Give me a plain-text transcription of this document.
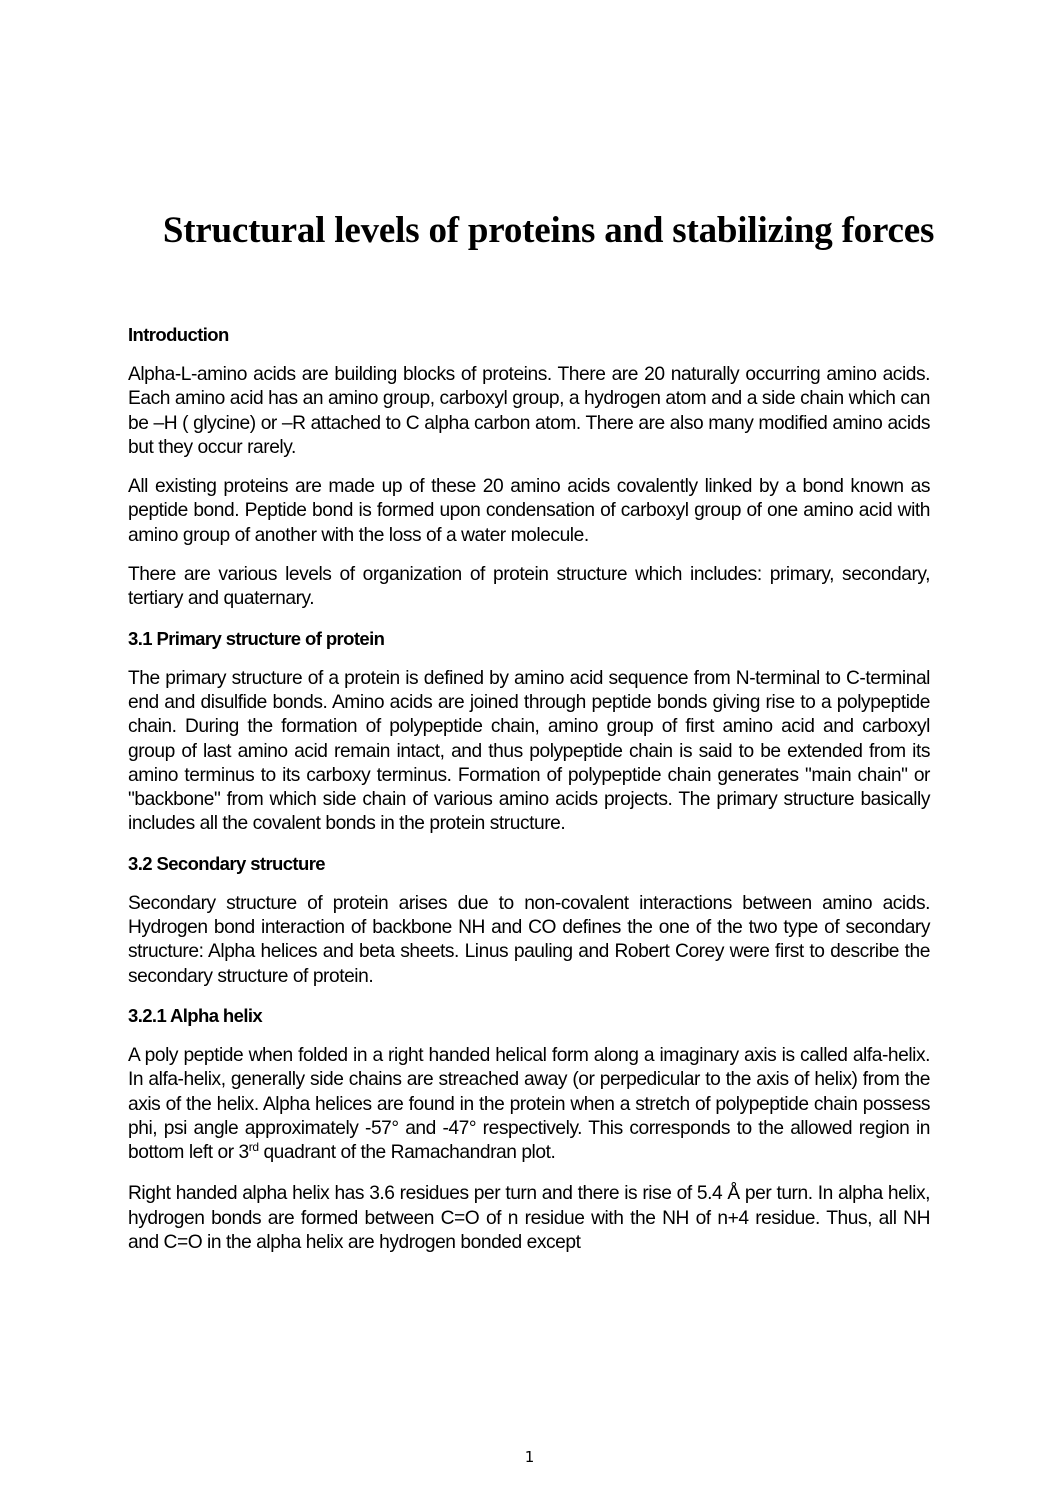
Structural levels of proteins and stabilizing forces
Introduction

Alpha-L-amino acids are building blocks of proteins. There are 20 naturally occurring amino acids. Each amino acid has an amino group, carboxyl group, a hydrogen atom and a side chain which can be –H ( glycine) or –R attached to C alpha carbon atom. There are also many modified amino acids but they occur rarely.

All existing proteins are made up of these 20 amino acids covalently linked by a bond known as peptide bond. Peptide bond is formed upon condensation of carboxyl group of one amino acid with amino group of another with the loss of a water molecule.

There are various levels of organization of protein structure which includes: primary, secondary, tertiary and quaternary.

3.1 Primary structure of protein

The primary structure of a protein is defined by amino acid sequence from N-terminal to C-terminal end and disulfide bonds. Amino acids are joined through peptide bonds giving rise to a polypeptide chain. During the formation of polypeptide chain, amino group of first amino acid and carboxyl group of last amino acid remain intact, and thus polypeptide chain is said to be extended from its amino terminus to its carboxy terminus. Formation of polypeptide chain generates "main chain" or "backbone" from which side chain of various amino acids projects. The primary structure basically includes all the covalent bonds in the protein structure.

3.2 Secondary structure

Secondary structure of protein arises due to non-covalent interactions between amino acids. Hydrogen bond interaction of backbone NH and CO defines the one of the two type of secondary structure: Alpha helices and beta sheets. Linus pauling and Robert Corey were first to describe the secondary structure of protein.

3.2.1 Alpha helix

A poly peptide when folded in a right handed helical form along a imaginary axis is called alfa-helix. In alfa-helix, generally side chains are streached away (or perpedicular to the axis of helix) from the axis of the helix. Alpha helices are found in the protein when a stretch of polypeptide chain possess phi, psi angle approximately -57° and -47° respectively. This corresponds to the allowed region in bottom left or 3rd quadrant of the Ramachandran plot.

Right handed alpha helix has 3.6 residues per turn and there is rise of 5.4 Å per turn. In alpha helix, hydrogen bonds are formed between C=O of n residue with the NH of n+4 residue. Thus, all NH and C=O in the alpha helix are hydrogen bonded except

1
